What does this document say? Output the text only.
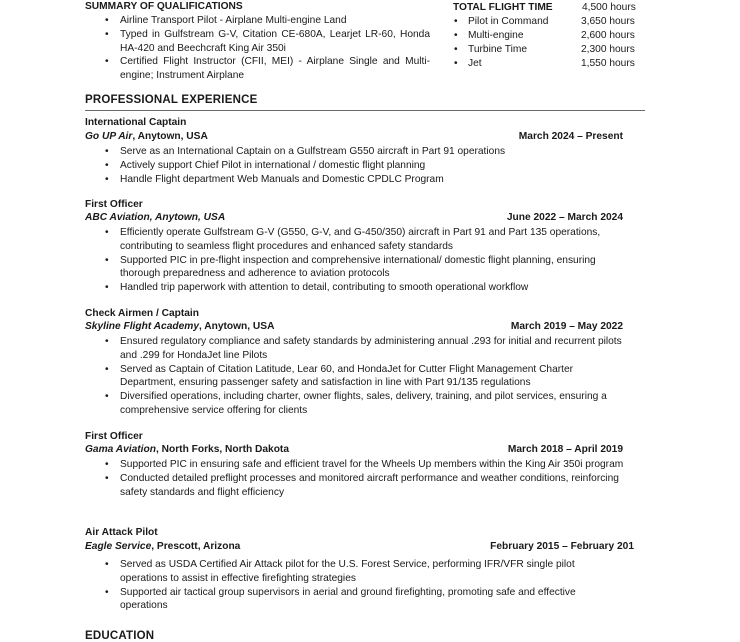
SUMMARY OF QUALIFICATIONS
• Airline Transport Pilot - Airplane Multi-engine Land
• Typed in Gulfstream G-V, Citation CE-680A, Learjet LR-60, Honda HA-420 and Beechcraft King Air 350i
• Certified Flight Instructor (CFII, MEI) - Airplane Single and Multi-engine; Instrument Airplane
TOTAL FLIGHT TIME	4,500 hours
• Pilot in Command	3,650 hours
• Multi-engine	2,600 hours
• Turbine Time	2,300 hours
• Jet	1,550 hours
PROFESSIONAL EXPERIENCE
International Captain
Go UP Air, Anytown, USA	March 2024 – Present
• Serve as an International Captain on a Gulfstream G550 aircraft in Part 91 operations
• Actively support Chief Pilot in international / domestic flight planning
• Handle Flight department Web Manuals and Domestic CPDLC Program
First Officer
ABC Aviation, Anytown, USA	June 2022 – March 2024
• Efficiently operate Gulfstream G-V (G550, G-V, and G-450/350) aircraft in Part 91 and Part 135 operations, contributing to seamless flight procedures and enhanced safety standards
• Supported PIC in pre-flight inspection and comprehensive international/ domestic flight planning, ensuring thorough preparedness and adherence to aviation protocols
• Handled trip paperwork with attention to detail, contributing to smooth operational workflow
Check Airmen / Captain
Skyline Flight Academy, Anytown, USA	March 2019 – May 2022
• Ensured regulatory compliance and safety standards by administering annual .293 for initial and recurrent pilots and .299 for HondaJet line Pilots
• Served as Captain of Citation Latitude, Lear 60, and HondaJet for Cutter Flight Management Charter Department, ensuring passenger safety and satisfaction in line with Part 91/135 regulations
• Diversified operations, including charter, owner flights, sales, delivery, training, and pilot services, ensuring a comprehensive service offering for clients
First Officer
Gama Aviation, North Forks, North Dakota	March 2018 – April 2019
• Supported PIC in ensuring safe and efficient travel for the Wheels Up members within the King Air 350i program
• Conducted detailed preflight processes and monitored aircraft performance and weather conditions, reinforcing safety standards and flight efficiency
Air Attack Pilot
Eagle Service, Prescott, Arizona	February 2015 – February 201
• Served as USDA Certified Air Attack pilot for the U.S. Forest Service, performing IFR/VFR single pilot operations to assist in effective firefighting strategies
• Supported air tactical group supervisors in aerial and ground firefighting, promoting safe and effective operations
EDUCATION
